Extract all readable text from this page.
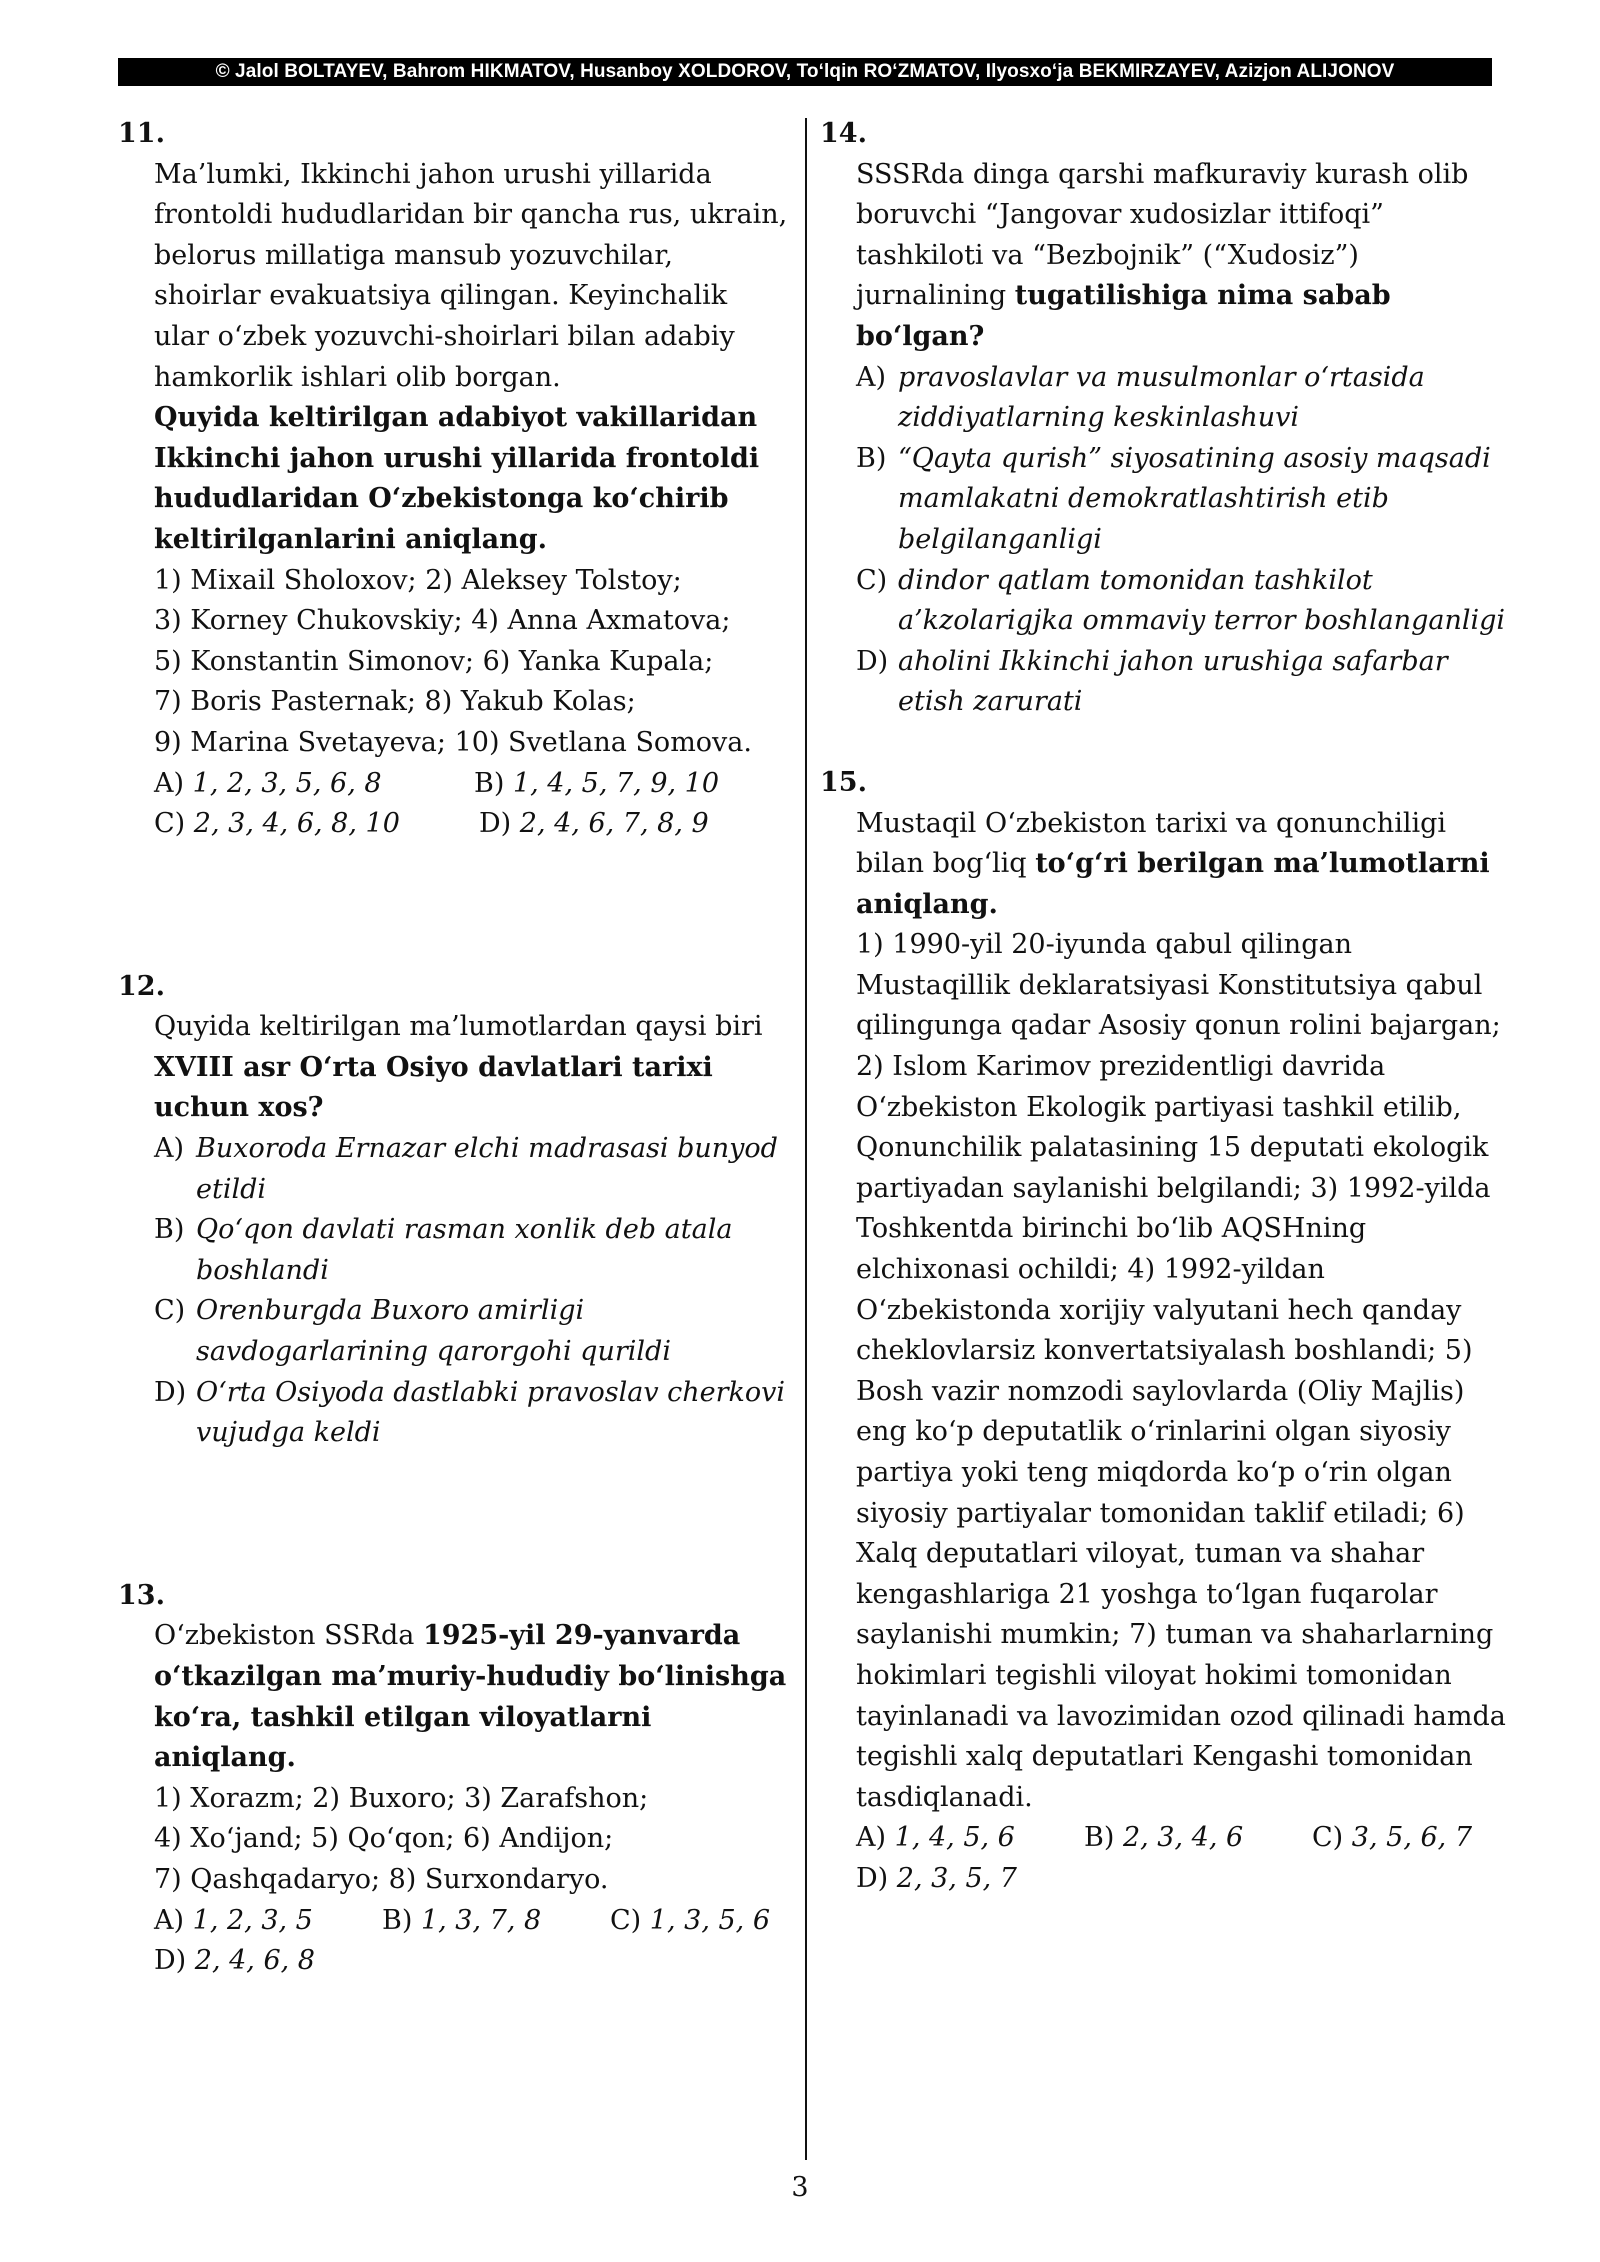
© Jalol BOLTAYEV, Bahrom HIKMATOV, Husanboy XOLDOROV, To‘lqin RO‘ZMATOV, Ilyosxo‘ja BEKMIRZAYEV, Azizjon ALIJONOV
11.

Ma’lumki, Ikkinchi jahon urushi yillarida frontoldi hududlaridan bir qancha rus, ukrain, belorus millatiga mansub yozuvchilar, shoirlar evakuatsiya qilingan. Keyinchalik ular o‘zbek yozuvchi-shoirlari bilan adabiy hamkorlik ishlari olib borgan.

Quyida keltirilgan adabiyot vakillaridan Ikkinchi jahon urushi yillarida frontoldi hududlaridan O‘zbekistonga ko‘chirib keltirilganlarini aniqlang.

1) Mixail Sholoxov; 2) Aleksey Tolstoy;

3) Korney Chukovskiy; 4) Anna Axmatova;

5) Konstantin Simonov; 6) Yanka Kupala;

7) Boris Pasternak; 8) Yakub Kolas;

9) Marina Svetayeva; 10) Svetlana Somova.

A) 1, 2, 3, 5, 6, 8	B) 1, 4, 5, 7, 9, 10
C) 2, 3, 4, 6, 8, 10	D) 2, 4, 6, 7, 8, 9
12.

Quyida keltirilgan ma’lumotlardan qaysi biri

XVIII asr O‘rta Osiyo davlatlari tarixi uchun xos?

A) Buxoroda Ernazar elchi madrasasi bunyod etildi
B) Qo‘qon davlati rasman xonlik deb atala boshlandi
C) Orenburgda Buxoro amirligi savdogarlarining qarorgohi qurildi
D) O‘rta Osiyoda dastlabki pravoslav cherkovi vujudga keldi
13.

O‘zbekiston SSRda 1925-yil 29-yanvarda o‘tkazilgan ma’muriy-hududiy bo‘linishga ko‘ra, tashkil etilgan viloyatlarni aniqlang.

1) Xorazm; 2) Buxoro; 3) Zarafshon;

4) Xo‘jand; 5) Qo‘qon; 6) Andijon;

7) Qashqadaryo; 8) Surxondaryo.

A) 1, 2, 3, 5	B) 1, 3, 7, 8	C) 1, 3, 5, 6
D) 2, 4, 6, 8
14.

SSSRda dinga qarshi mafkuraviy kurash olib boruvchi “Jangovar xudosizlar ittifoqi” tashkiloti va “Bezbojnik” (“Xudosiz”) jurnalining tugatilishiga nima sabab bo‘lgan?

A) pravoslavlar va musulmonlar o‘rtasida ziddiyatlarning keskinlashuvi
B) “Qayta qurish” siyosatining asosiy maqsadi mamlakatni demokratlashtirish etib belgilanganligi
C) dindor qatlam tomonidan tashkilot a’kzolarigjka ommaviy terror boshlanganligi
D) aholini Ikkinchi jahon urushiga safarbar etish zarurati
15.

Mustaqil O‘zbekiston tarixi va qonunchiligi bilan bog‘liq to‘g‘ri berilgan ma’lumotlarni aniqlang.

1) 1990-yil 20-iyunda qabul qilingan Mustaqillik deklaratsiyasi Konstitutsiya qabul qilingunga qadar Asosiy qonun rolini bajargan; 2) Islom Karimov prezidentligi davrida O‘zbekiston Ekologik partiyasi tashkil etilib, Qonunchilik palatasining 15 deputati ekologik partiyadan saylanishi belgilandi; 3) 1992-yilda Toshkentda birinchi bo‘lib AQSHning elchixonasi ochildi; 4) 1992-yildan O‘zbekistonda xorijiy valyutani hech qanday cheklovlarsiz konvertatsiyalash boshlandi; 5) Bosh vazir nomzodi saylovlarda (Oliy Majlis) eng ko‘p deputatlik o‘rinlarini olgan siyosiy partiya yoki teng miqdorda ko‘p o‘rin olgan siyosiy partiyalar tomonidan taklif etiladi; 6) Xalq deputatlari viloyat, tuman va shahar kengashlariga 21 yoshga to‘lgan fuqarolar saylanishi mumkin; 7) tuman va shaharlarning hokimlari tegishli viloyat hokimi tomonidan tayinlanadi va lavozimidan ozod qilinadi hamda tegishli xalq deputatlari Kengashi tomonidan tasdiqlanadi.

A) 1, 4, 5, 6	B) 2, 3, 4, 6	C) 3, 5, 6, 7
D) 2, 3, 5, 7
3
